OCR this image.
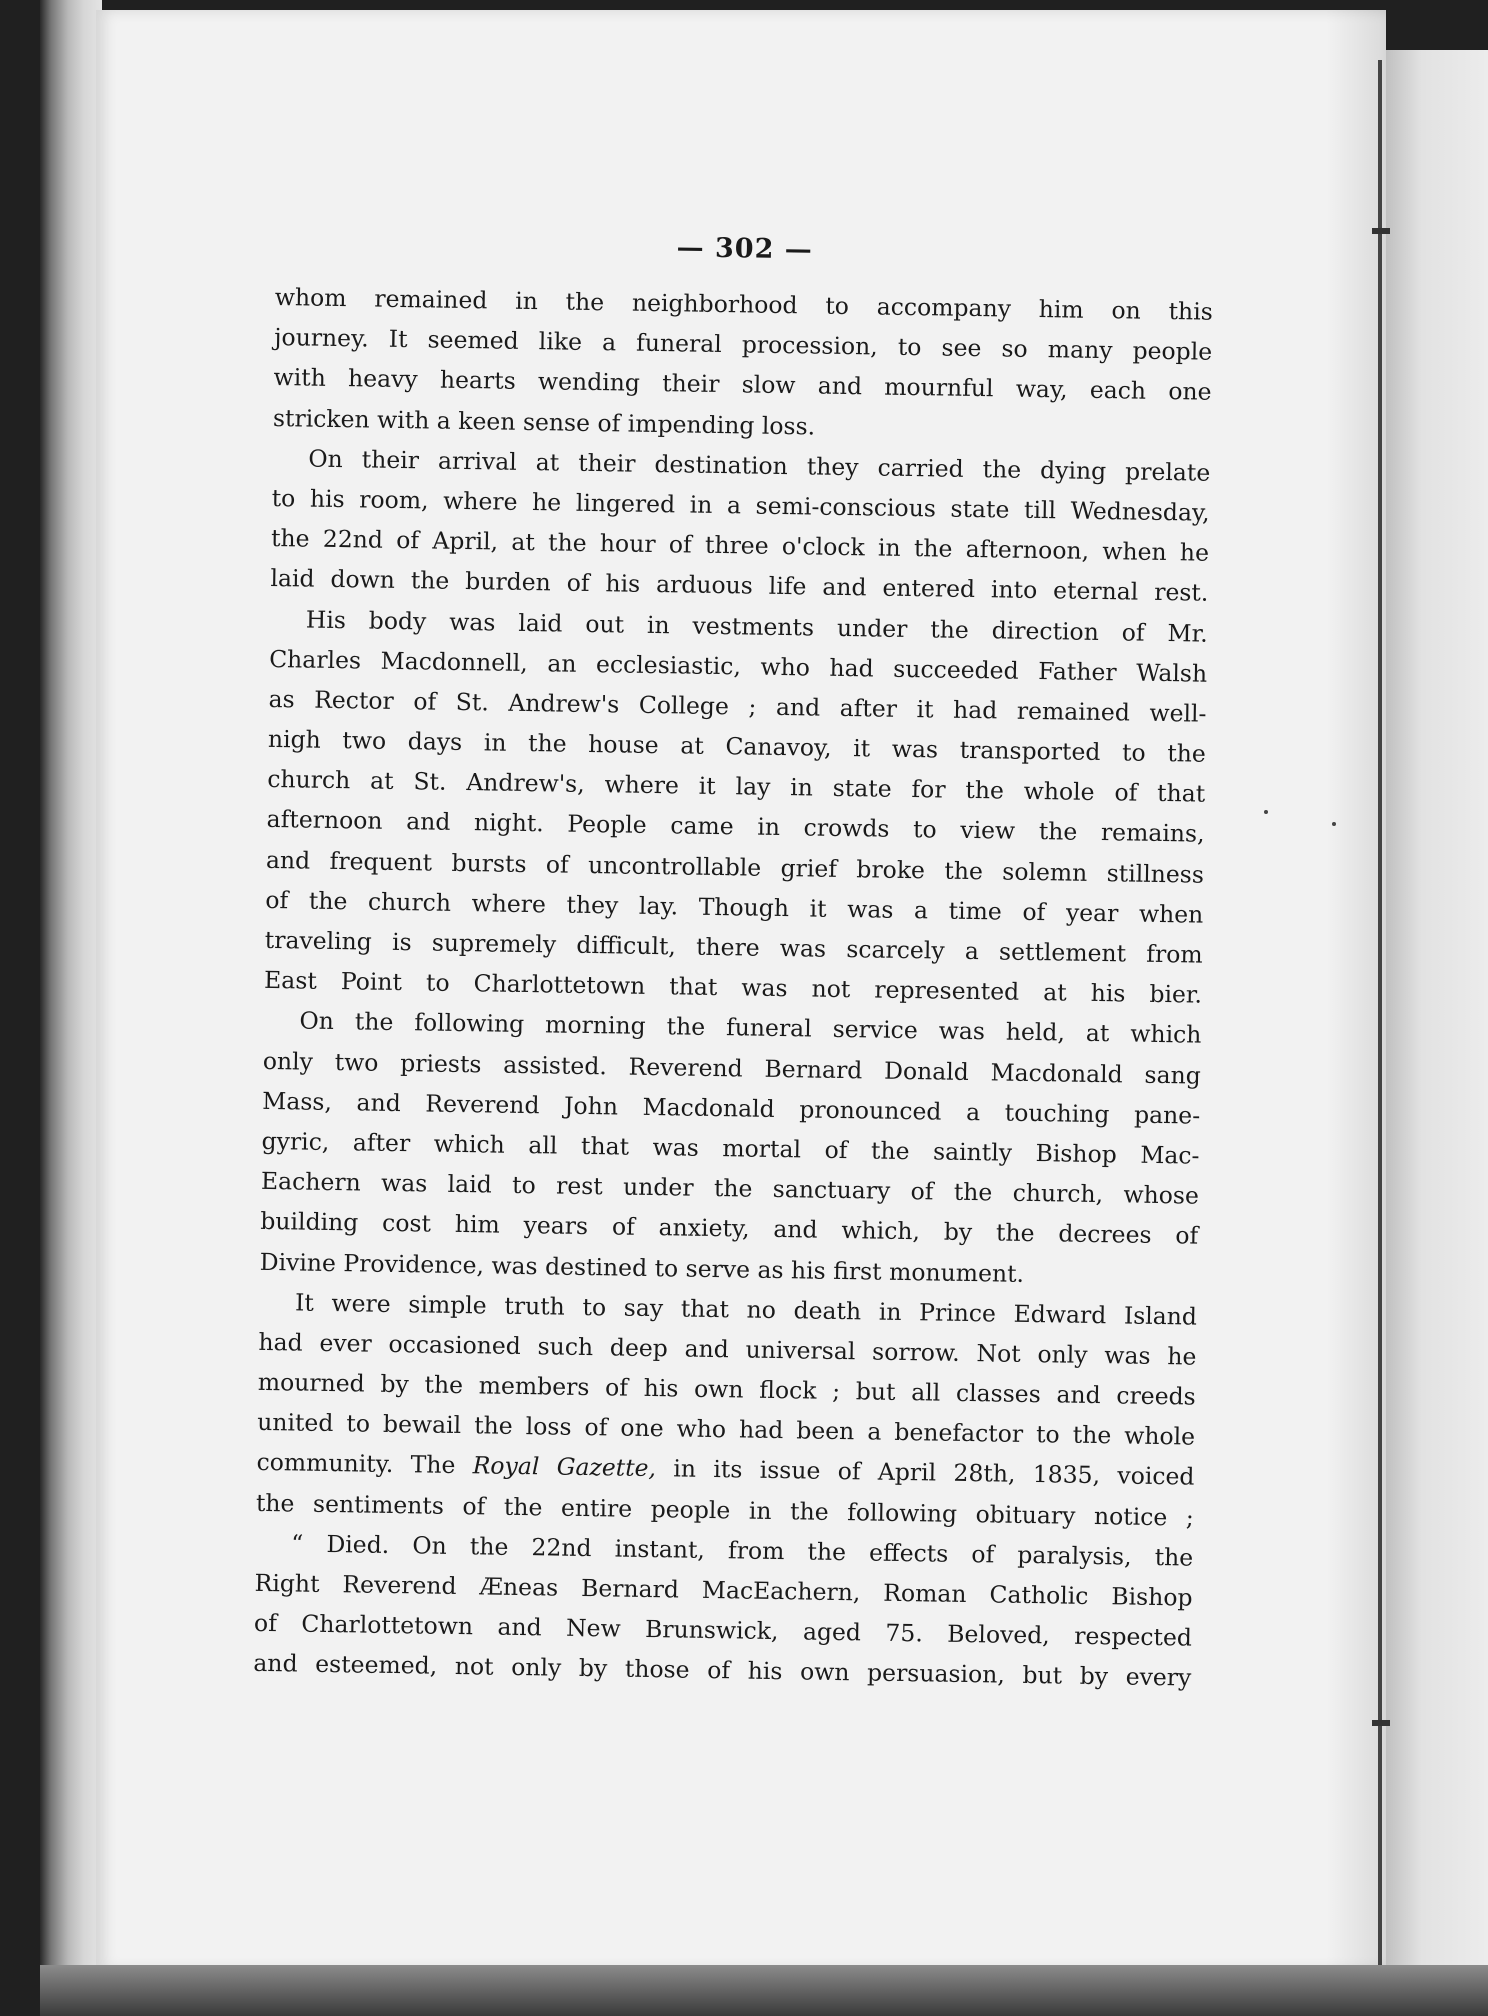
— 302 —
whom remained in the neighborhood to accompany him on this
journey. It seemed like a funeral procession, to see so many people
with heavy hearts wending their slow and mournful way, each one
stricken with a keen sense of impending loss.
On their arrival at their destination they carried the dying prelate
to his room, where he lingered in a semi-conscious state till Wednesday,
the 22nd of April, at the hour of three o'clock in the afternoon, when he
laid down the burden of his arduous life and entered into eternal rest.
His body was laid out in vestments under the direction of Mr.
Charles Macdonnell, an ecclesiastic, who had succeeded Father Walsh
as Rector of St. Andrew's College ; and after it had remained well-
nigh two days in the house at Canavoy, it was transported to the
church at St. Andrew's, where it lay in state for the whole of that
afternoon and night. People came in crowds to view the remains,
and frequent bursts of uncontrollable grief broke the solemn stillness
of the church where they lay. Though it was a time of year when
traveling is supremely difficult, there was scarcely a settlement from
East Point to Charlottetown that was not represented at his bier.
On the following morning the funeral service was held, at which
only two priests assisted. Reverend Bernard Donald Macdonald sang
Mass, and Reverend John Macdonald pronounced a touching pane-
gyric, after which all that was mortal of the saintly Bishop Mac-
Eachern was laid to rest under the sanctuary of the church, whose
building cost him years of anxiety, and which, by the decrees of
Divine Providence, was destined to serve as his first monument.
It were simple truth to say that no death in Prince Edward Island
had ever occasioned such deep and universal sorrow. Not only was he
mourned by the members of his own flock ; but all classes and creeds
united to bewail the loss of one who had been a benefactor to the whole
community. The Royal Gazette, in its issue of April 28th, 1835, voiced
the sentiments of the entire people in the following obituary notice ;
“ Died. On the 22nd instant, from the effects of paralysis, the
Right Reverend Æneas Bernard MacEachern, Roman Catholic Bishop
of Charlottetown and New Brunswick, aged 75. Beloved, respected
and esteemed, not only by those of his own persuasion, but by every
